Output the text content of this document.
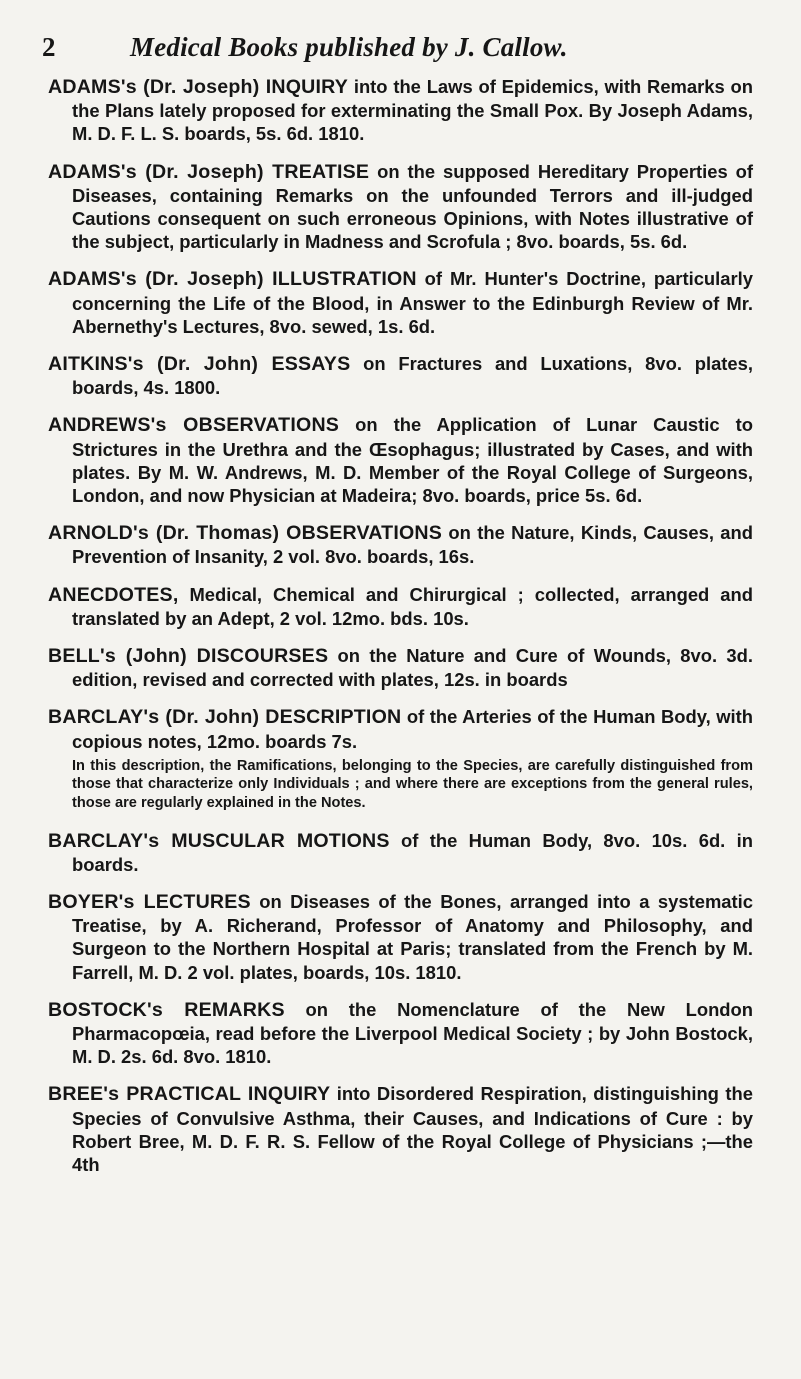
2	Medical Books published by J. Callow.

ADAMS's (Dr. Joseph) INQUIRY into the Laws of Epidemics, with Remarks on the Plans lately proposed for exterminating the Small Pox. By Joseph Adams, M. D. F. L. S. boards, 5s. 6d. 1810.

ADAMS's (Dr. Joseph) TREATISE on the supposed Hereditary Properties of Diseases, containing Remarks on the unfounded Terrors and ill-judged Cautions consequent on such erroneous Opinions, with Notes illustrative of the subject, particularly in Madness and Scrofula ; 8vo. boards, 5s. 6d.

ADAMS's (Dr. Joseph) ILLUSTRATION of Mr. Hunter's Doctrine, particularly concerning the Life of the Blood, in Answer to the Edinburgh Review of Mr. Abernethy's Lectures, 8vo. sewed, 1s. 6d.

AITKINS's (Dr. John) ESSAYS on Fractures and Luxations, 8vo. plates, boards, 4s. 1800.

ANDREWS's OBSERVATIONS on the Application of Lunar Caustic to Strictures in the Urethra and the Œsophagus; illustrated by Cases, and with plates. By M. W. Andrews, M. D. Member of the Royal College of Surgeons, London, and now Physician at Madeira; 8vo. boards, price 5s. 6d.

ARNOLD's (Dr. Thomas) OBSERVATIONS on the Nature, Kinds, Causes, and Prevention of Insanity, 2 vol. 8vo. boards, 16s.

ANECDOTES, Medical, Chemical and Chirurgical ; collected, arranged and translated by an Adept, 2 vol. 12mo. bds. 10s.

BELL's (John) DISCOURSES on the Nature and Cure of Wounds, 8vo. 3d. edition, revised and corrected with plates, 12s. in boards

BARCLAY's (Dr. John) DESCRIPTION of the Arteries of the Human Body, with copious notes, 12mo. boards 7s.

In this description, the Ramifications, belonging to the Species, are carefully distinguished from those that characterize only Individuals ; and where there are exceptions from the general rules, those are regularly explained in the Notes.

BARCLAY's MUSCULAR MOTIONS of the Human Body, 8vo. 10s. 6d. in boards.

BOYER's LECTURES on Diseases of the Bones, arranged into a systematic Treatise, by A. Richerand, Professor of Anatomy and Philosophy, and Surgeon to the Northern Hospital at Paris; translated from the French by M. Farrell, M. D. 2 vol. plates, boards, 10s. 1810.

BOSTOCK's REMARKS on the Nomenclature of the New London Pharmacopœia, read before the Liverpool Medical Society ; by John Bostock, M. D. 2s. 6d. 8vo. 1810.

BREE's PRACTICAL INQUIRY into Disordered Respiration, distinguishing the Species of Convulsive Asthma, their Causes, and Indications of Cure : by Robert Bree, M. D. F. R. S. Fellow of the Royal College of Physicians ;—the 4th
